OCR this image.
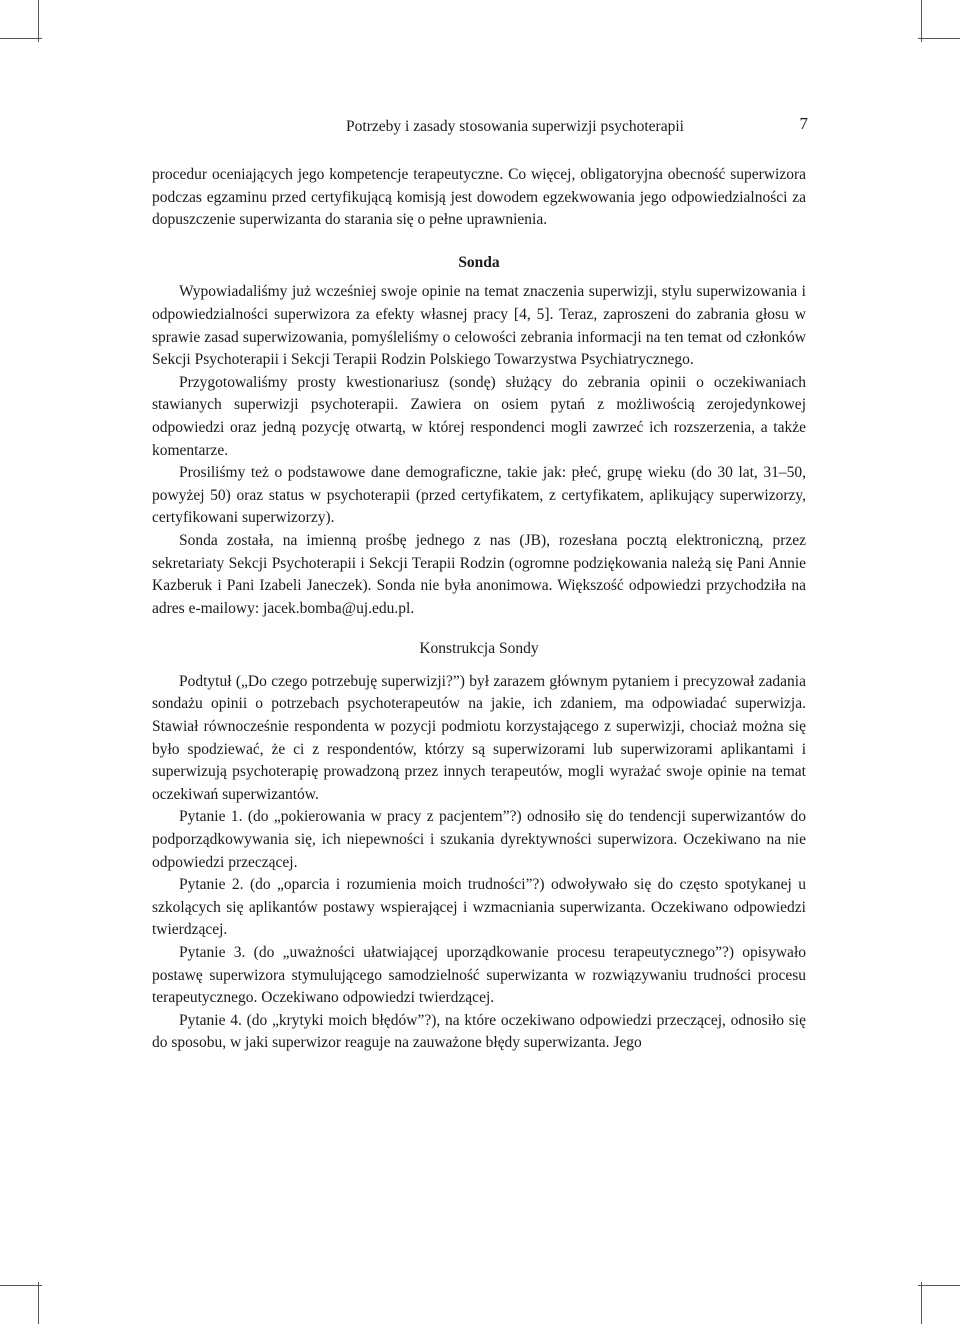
Potrzeby i zasady stosowania superwizji psychoterapii	7

procedur oceniających jego kompetencje terapeutyczne. Co więcej, obligatoryjna obecność superwizora podczas egzaminu przed certyfikującą komisją jest dowodem egzekwowania jego odpowiedzialności za dopuszczenie superwizanta do starania się o pełne uprawnienia.

Sonda

Wypowiadaliśmy już wcześniej swoje opinie na temat znaczenia superwizji, stylu superwizowania i odpowiedzialności superwizora za efekty własnej pracy [4, 5]. Teraz, zaproszeni do zabrania głosu w sprawie zasad superwizowania, pomyśleliśmy o celowości zebrania informacji na ten temat od członków Sekcji Psychoterapii i Sekcji Terapii Rodzin Polskiego Towarzystwa Psychiatrycznego.

Przygotowaliśmy prosty kwestionariusz (sondę) służący do zebrania opinii o oczekiwaniach stawianych superwizji psychoterapii. Zawiera on osiem pytań z możliwością zerojedynkowej odpowiedzi oraz jedną pozycję otwartą, w której respondenci mogli zawrzeć ich rozszerzenia, a także komentarze.

Prosiliśmy też o podstawowe dane demograficzne, takie jak: płeć, grupę wieku (do 30 lat, 31–50, powyżej 50) oraz status w psychoterapii (przed certyfikatem, z certyfikatem, aplikujący superwizorzy, certyfikowani superwizorzy).

Sonda została, na imienną prośbę jednego z nas (JB), rozesłana pocztą elektroniczną, przez sekretariaty Sekcji Psychoterapii i Sekcji Terapii Rodzin (ogromne podziękowania należą się Pani Annie Kazberuk i Pani Izabeli Janeczek). Sonda nie była anonimowa. Większość odpowiedzi przychodziła na adres e-mailowy: jacek.bomba@uj.edu.pl.

Konstrukcja Sondy

Podtytuł („Do czego potrzebuję superwizji?”) był zarazem głównym pytaniem i precyzował zadania sondażu opinii o potrzebach psychoterapeutów na jakie, ich zdaniem, ma odpowiadać superwizja. Stawiał równocześnie respondenta w pozycji podmiotu korzystającego z superwizji, chociaż można się było spodziewać, że ci z respondentów, którzy są superwizorami lub superwizorami aplikantami i superwizują psychoterapię prowadzoną przez innych terapeutów, mogli wyrażać swoje opinie na temat oczekiwań superwizantów.

Pytanie 1. (do „pokierowania w pracy z pacjentem”?) odnosiło się do tendencji superwizantów do podporządkowywania się, ich niepewności i szukania dyrektywności superwizora. Oczekiwano na nie odpowiedzi przeczącej.

Pytanie 2. (do „oparcia i rozumienia moich trudności”?) odwoływało się do często spotykanej u szkolących się aplikantów postawy wspierającej i wzmacniania superwizanta. Oczekiwano odpowiedzi twierdzącej.

Pytanie 3. (do „uważności ułatwiającej uporządkowanie procesu terapeutycznego”?) opisywało postawę superwizora stymulującego samodzielność superwizanta w rozwiązywaniu trudności procesu terapeutycznego. Oczekiwano odpowiedzi twierdzącej.

Pytanie 4. (do „krytyki moich błędów”?), na które oczekiwano odpowiedzi przeczącej, odnosiło się do sposobu, w jaki superwizor reaguje na zauważone błędy superwizanta. Jego
